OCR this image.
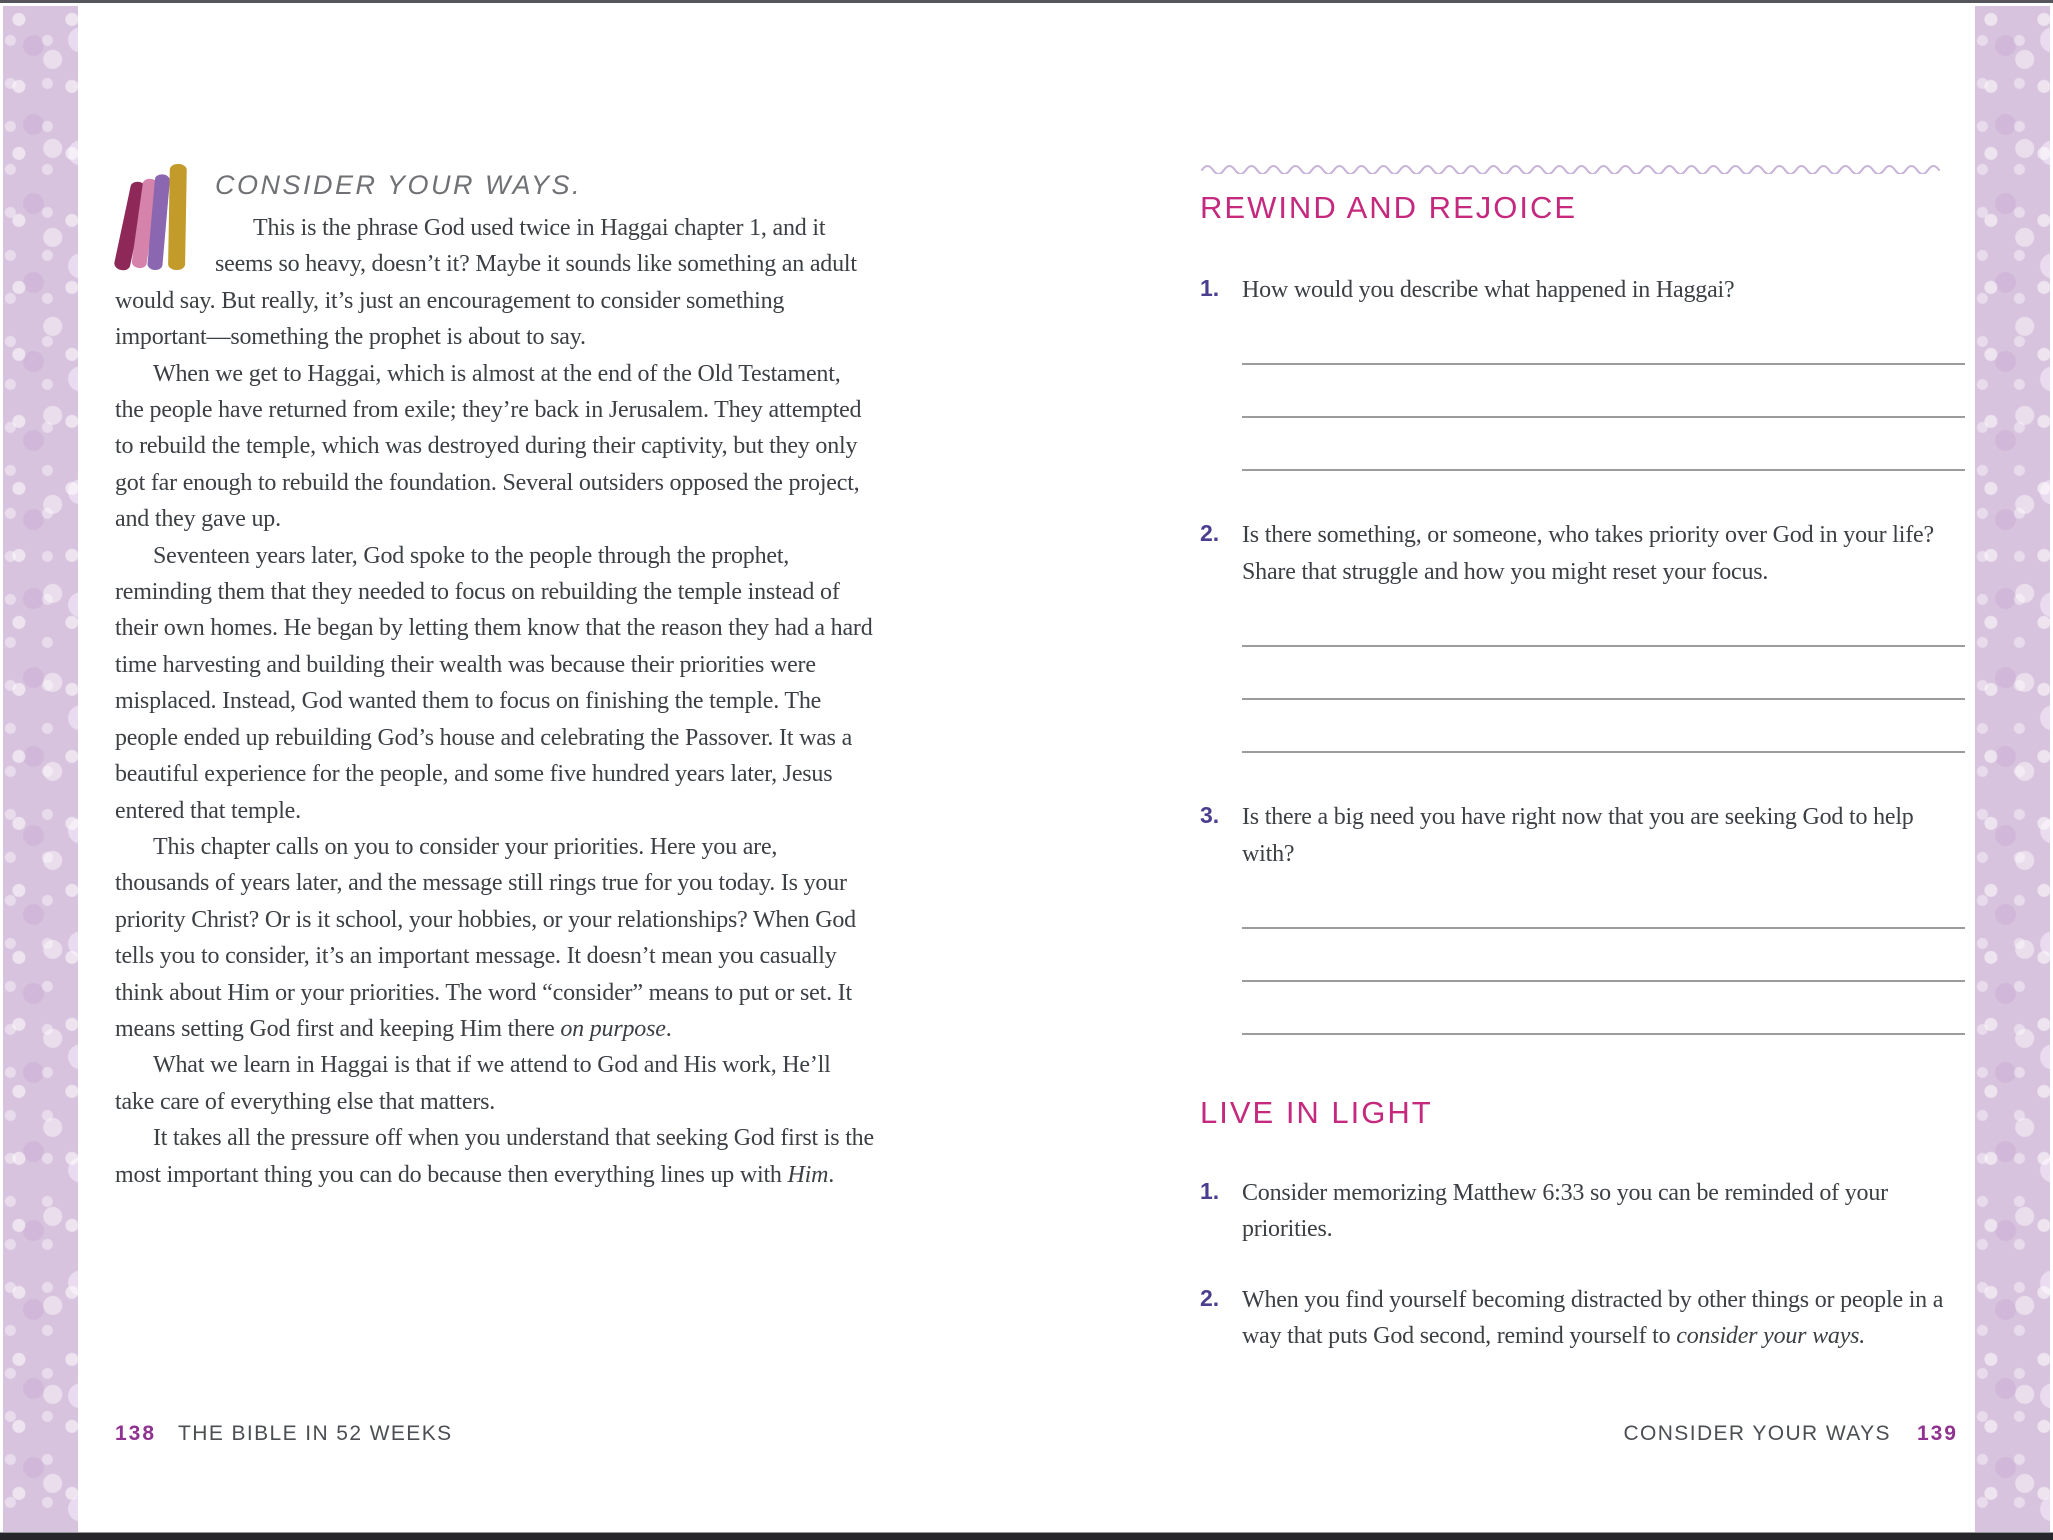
CONSIDER YOUR WAYS.

This is the phrase God used twice in Haggai chapter 1, and it seems so heavy, doesn’t it? Maybe it sounds like something an adult would say. But really, it’s just an encouragement to consider something important—something the prophet is about to say.

When we get to Haggai, which is almost at the end of the Old Testament, the people have returned from exile; they’re back in Jerusalem. They attempted to rebuild the temple, which was destroyed during their captivity, but they only got far enough to rebuild the foundation. Several outsiders opposed the project, and they gave up.

Seventeen years later, God spoke to the people through the prophet, reminding them that they needed to focus on rebuilding the temple instead of their own homes. He began by letting them know that the reason they had a hard time harvesting and building their wealth was because their priorities were misplaced. Instead, God wanted them to focus on finishing the temple. The people ended up rebuilding God’s house and celebrating the Passover. It was a beautiful experience for the people, and some five hundred years later, Jesus entered that temple.

This chapter calls on you to consider your priorities. Here you are, thousands of years later, and the message still rings true for you today. Is your priority Christ? Or is it school, your hobbies, or your relationships? When God tells you to consider, it’s an important message. It doesn’t mean you casually think about Him or your priorities. The word “consider” means to put or set. It means setting God first and keeping Him there on purpose.

What we learn in Haggai is that if we attend to God and His work, He’ll take care of everything else that matters.

It takes all the pressure off when you understand that seeking God first is the most important thing you can do because then everything lines up with Him.

REWIND AND REJOICE
1. How would you describe what happened in Haggai?
2. Is there something, or someone, who takes priority over God in your life? Share that struggle and how you might reset your focus.
3. Is there a big need you have right now that you are seeking God to help with?
LIVE IN LIGHT
1. Consider memorizing Matthew 6:33 so you can be reminded of your priorities.
2. When you find yourself becoming distracted by other things or people in a way that puts God second, remind yourself to consider your ways.
138 THE BIBLE IN 52 WEEKS	CONSIDER YOUR WAYS 139
